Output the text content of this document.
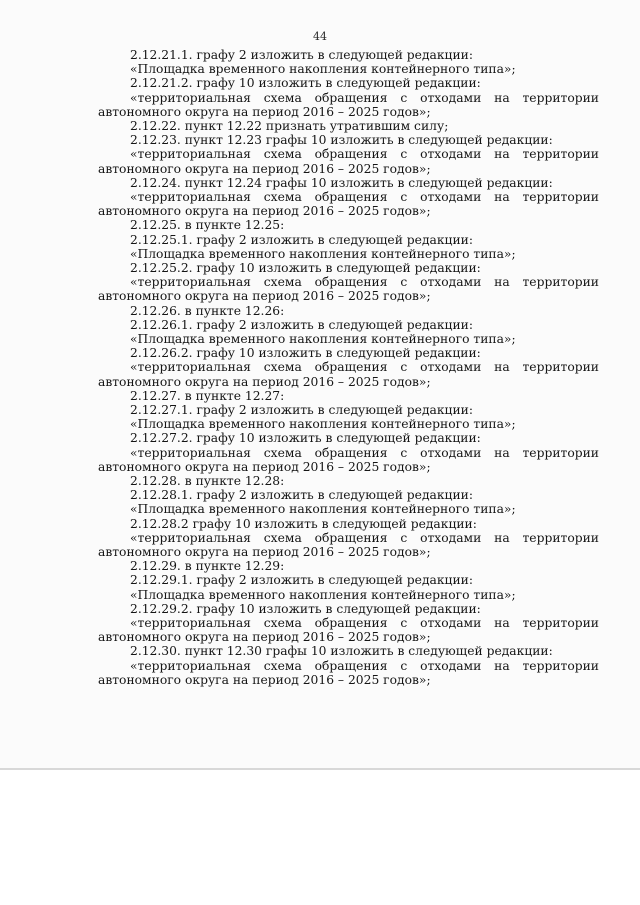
44
2.12.21.1. графу 2 изложить в следующей редакции:
«Площадка временного накопления контейнерного типа»;
2.12.21.2. графу 10 изложить в следующей редакции:
«территориальная схема обращения с отходами на территории
автономного округа на период 2016 – 2025 годов»;
2.12.22. пункт 12.22 признать утратившим силу;
2.12.23. пункт 12.23 графы 10 изложить в следующей редакции:
«территориальная схема обращения с отходами на территории
автономного округа на период 2016 – 2025 годов»;
2.12.24. пункт 12.24 графы 10 изложить в следующей редакции:
«территориальная схема обращения с отходами на территории
автономного округа на период 2016 – 2025 годов»;
2.12.25. в пункте 12.25:
2.12.25.1. графу 2 изложить в следующей редакции:
«Площадка временного накопления контейнерного типа»;
2.12.25.2. графу 10 изложить в следующей редакции:
«территориальная схема обращения с отходами на территории
автономного округа на период 2016 – 2025 годов»;
2.12.26. в пункте 12.26:
2.12.26.1. графу 2 изложить в следующей редакции:
«Площадка временного накопления контейнерного типа»;
2.12.26.2. графу 10 изложить в следующей редакции:
«территориальная схема обращения с отходами на территории
автономного округа на период 2016 – 2025 годов»;
2.12.27. в пункте 12.27:
2.12.27.1. графу 2 изложить в следующей редакции:
«Площадка временного накопления контейнерного типа»;
2.12.27.2. графу 10 изложить в следующей редакции:
«территориальная схема обращения с отходами на территории
автономного округа на период 2016 – 2025 годов»;
2.12.28. в пункте 12.28:
2.12.28.1. графу 2 изложить в следующей редакции:
«Площадка временного накопления контейнерного типа»;
2.12.28.2 графу 10 изложить в следующей редакции:
«территориальная схема обращения с отходами на территории
автономного округа на период 2016 – 2025 годов»;
2.12.29. в пункте 12.29:
2.12.29.1. графу 2 изложить в следующей редакции:
«Площадка временного накопления контейнерного типа»;
2.12.29.2. графу 10 изложить в следующей редакции:
«территориальная схема обращения с отходами на территории
автономного округа на период 2016 – 2025 годов»;
2.12.30. пункт 12.30 графы 10 изложить в следующей редакции:
«территориальная схема обращения с отходами на территории
автономного округа на период 2016 – 2025 годов»;
